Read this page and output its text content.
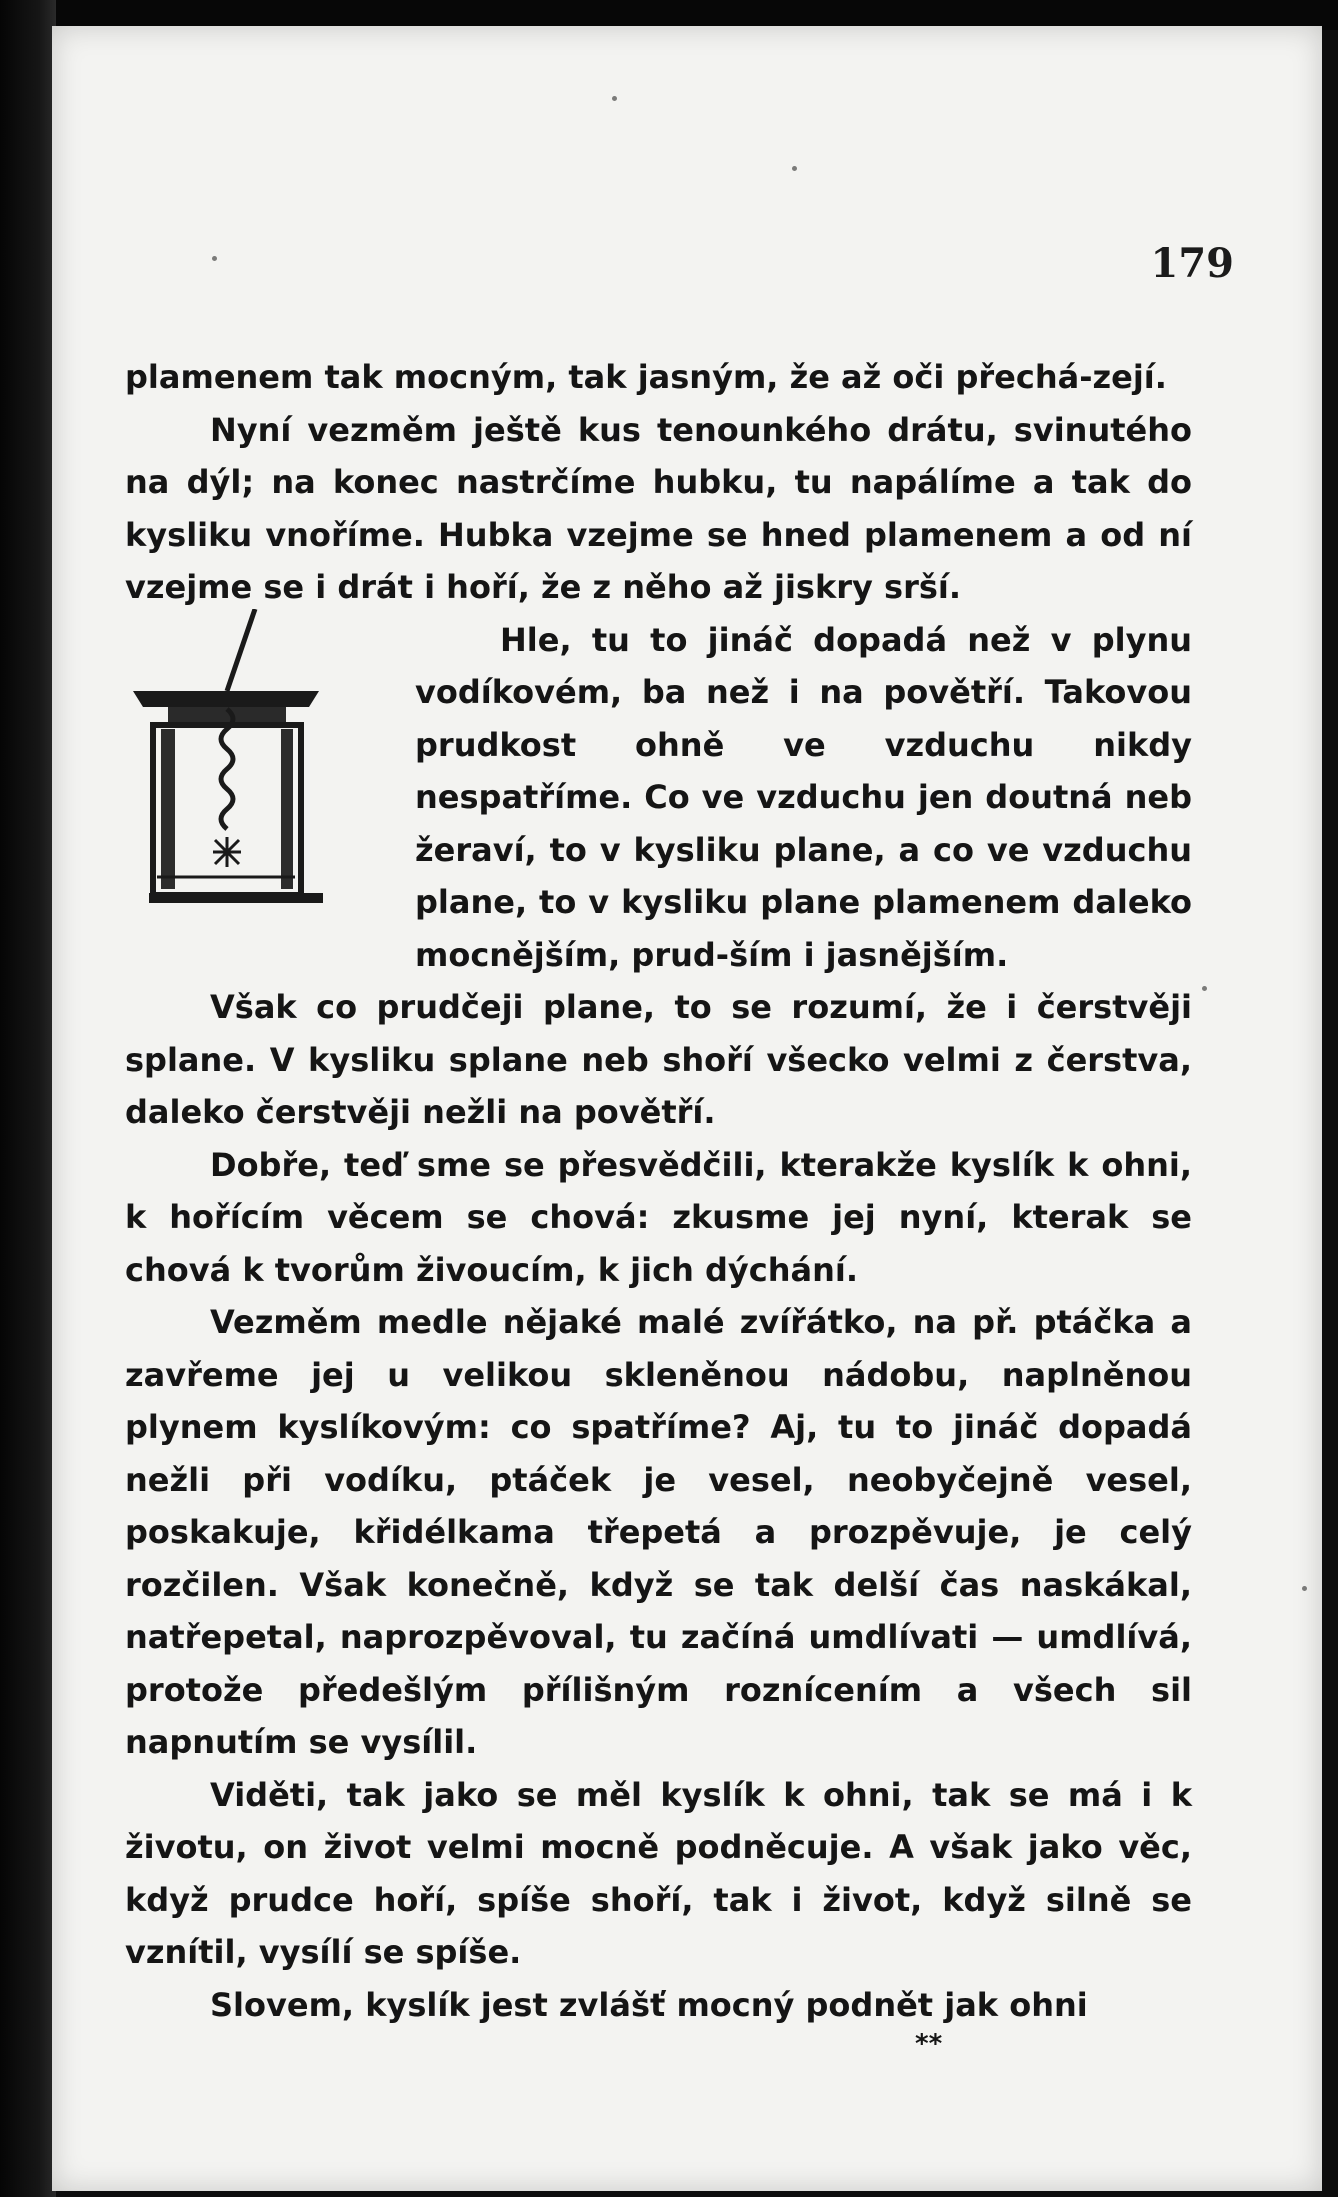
179

plamenem tak mocným, tak jasným, že až oči přechá-zejí.

Nyní vezměm ještě kus tenounkého drátu, svinutého na dýl; na konec nastrčíme hubku, tu napálíme a tak do kysliku vnoříme. Hubka vzejme se hned plamenem a od ní vzejme se i drát i hoří, že z něho až jiskry srší.

Hle, tu to jináč dopadá než v plynu vodíkovém, ba než i na povětří. Takovou prudkost ohně ve vzduchu nikdy nespatříme. Co ve vzduchu jen doutná neb žeraví, to v kysliku plane, a co ve vzduchu plane, to v kysliku plane plamenem daleko mocnějším, prud-ším i jasnějším.

Však co prudčeji plane, to se rozumí, že i čerstvěji splane. V kysliku splane neb shoří všecko velmi z čerstva, daleko čerstvěji nežli na povětří.

Dobře, teď sme se přesvědčili, kterakže kyslík k ohni, k hořícím věcem se chová: zkusme jej nyní, kterak se chová k tvorům živoucím, k jich dýchání.

Vezměm medle nějaké malé zvířátko, na př. ptáčka a zavřeme jej u velikou skleněnou nádobu, naplněnou plynem kyslíkovým: co spatříme? Aj, tu to jináč dopadá nežli při vodíku, ptáček je vesel, neobyčejně vesel, poskakuje, křidélkama třepetá a prozpěvuje, je celý rozčilen. Však konečně, když se tak delší čas naskákal, natřepetal, naprozpěvoval, tu začíná umdlívati — umdlívá, protože předešlým přílišným roznícením a všech sil napnutím se vysílil.

Viděti, tak jako se měl kyslík k ohni, tak se má i k životu, on život velmi mocně podněcuje. A však jako věc, když prudce hoří, spíše shoří, tak i život, když silně se vznítil, vysílí se spíše.

Slovem, kyslík jest zvlášť mocný podnět jak ohni

**
